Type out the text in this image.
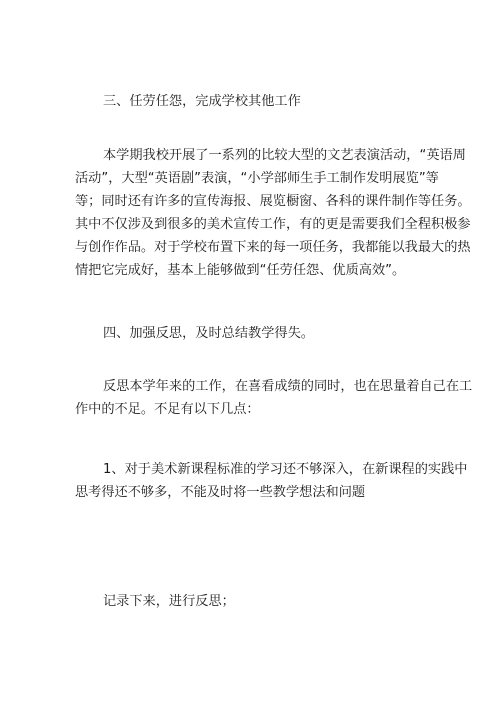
三、任劳任怨，完成学校其他工作
本学期我校开展了一系列的比较大型的文艺表演活动，“英语周
活动”，大型“英语剧”表演，“小学部师生手工制作发明展览”等
等；同时还有许多的宣传海报、展览橱窗、各科的课件制作等任务。
其中不仅涉及到很多的美术宣传工作，有的更是需要我们全程积极参
与创作作品。对于学校布置下来的每一项任务，我都能以我最大的热
情把它完成好，基本上能够做到“任劳任怨、优质高效”。
四、加强反思，及时总结教学得失。
反思本学年来的工作，在喜看成绩的同时，也在思量着自己在工
作中的不足。不足有以下几点：
1、对于美术新课程标准的学习还不够深入，在新课程的实践中
思考得还不够多，不能及时将一些教学想法和问题
记录下来，进行反思；
